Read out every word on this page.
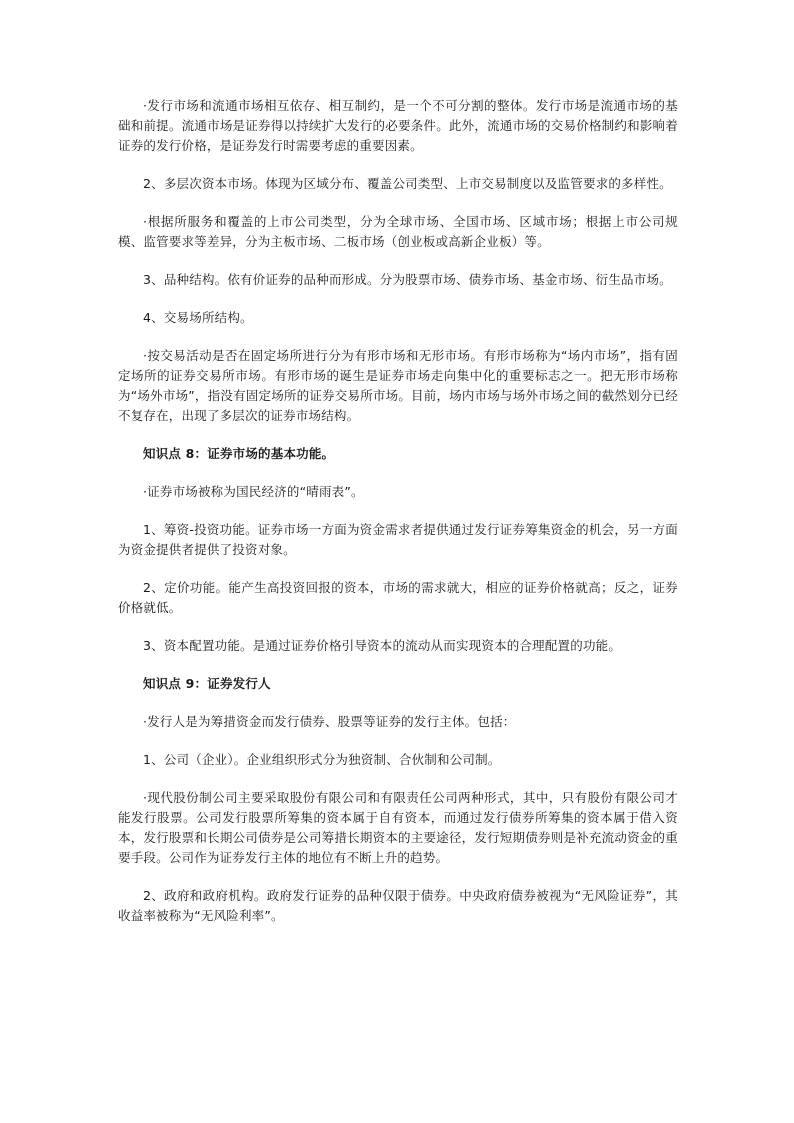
·发行市场和流通市场相互依存、相互制约，是一个不可分割的整体。发行市场是流通市场的基础和前提。流通市场是证券得以持续扩大发行的必要条件。此外，流通市场的交易价格制约和影响着证券的发行价格，是证券发行时需要考虑的重要因素。

2、多层次资本市场。体现为区域分布、覆盖公司类型、上市交易制度以及监管要求的多样性。

·根据所服务和覆盖的上市公司类型，分为全球市场、全国市场、区域市场；根据上市公司规模、监管要求等差异，分为主板市场、二板市场（创业板或高新企业板）等。

3、品种结构。依有价证券的品种而形成。分为股票市场、债券市场、基金市场、衍生品市场。

4、交易场所结构。

·按交易活动是否在固定场所进行分为有形市场和无形市场。有形市场称为“场内市场”，指有固定场所的证券交易所市场。有形市场的诞生是证券市场走向集中化的重要标志之一。把无形市场称为“场外市场”，指没有固定场所的证券交易所市场。目前，场内市场与场外市场之间的截然划分已经不复存在，出现了多层次的证券市场结构。

知识点 8：证券市场的基本功能。

·证券市场被称为国民经济的“晴雨表”。

1、筹资-投资功能。证券市场一方面为资金需求者提供通过发行证券筹集资金的机会，另一方面为资金提供者提供了投资对象。

2、定价功能。能产生高投资回报的资本，市场的需求就大，相应的证券价格就高；反之，证券价格就低。

3、资本配置功能。是通过证券价格引导资本的流动从而实现资本的合理配置的功能。

知识点 9：证券发行人

·发行人是为筹措资金而发行债券、股票等证券的发行主体。包括：

1、公司（企业）。企业组织形式分为独资制、合伙制和公司制。

·现代股份制公司主要采取股份有限公司和有限责任公司两种形式，其中，只有股份有限公司才能发行股票。公司发行股票所筹集的资本属于自有资本，而通过发行债券所筹集的资本属于借入资本，发行股票和长期公司债券是公司筹措长期资本的主要途径，发行短期债券则是补充流动资金的重要手段。公司作为证券发行主体的地位有不断上升的趋势。

2、政府和政府机构。政府发行证券的品种仅限于债券。中央政府债券被视为“无风险证券”，其收益率被称为“无风险利率”。
